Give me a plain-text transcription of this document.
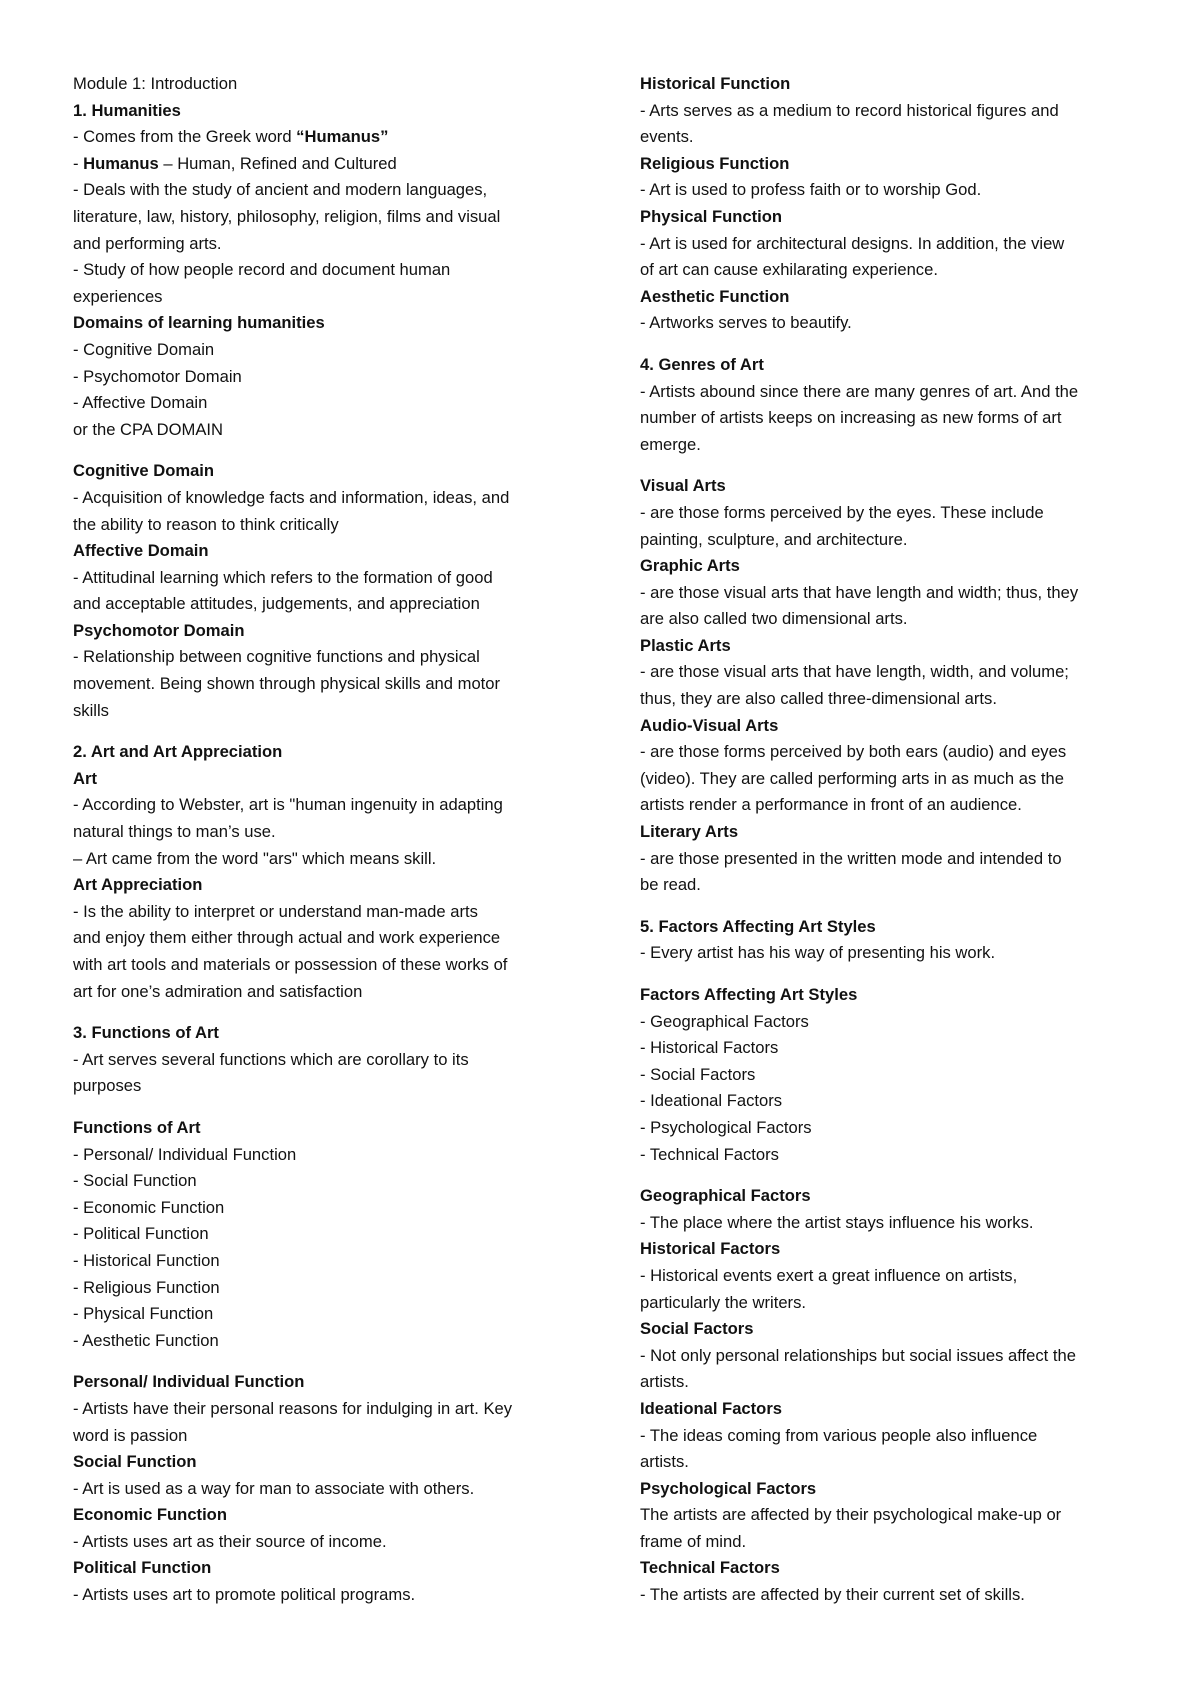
Module 1: Introduction
1. Humanities
- Comes from the Greek word “Humanus”
- Humanus – Human, Refined and Cultured
- Deals with the study of ancient and modern languages,
literature, law, history, philosophy, religion, films and visual
and performing arts.
- Study of how people record and document human
experiences
Domains of learning humanities
- Cognitive Domain
- Psychomotor Domain
- Affective Domain
or the CPA DOMAIN
Cognitive Domain
- Acquisition of knowledge facts and information, ideas, and
the ability to reason to think critically
Affective Domain
- Attitudinal learning which refers to the formation of good
and acceptable attitudes, judgements, and appreciation
Psychomotor Domain
- Relationship between cognitive functions and physical
movement. Being shown through physical skills and motor
skills
2. Art and Art Appreciation
Art
- According to Webster, art is "human ingenuity in adapting
natural things to man’s use.
– Art came from the word "ars" which means skill.
Art Appreciation
- Is the ability to interpret or understand man-made arts
and enjoy them either through actual and work experience
with art tools and materials or possession of these works of
art for one’s admiration and satisfaction
3. Functions of Art
- Art serves several functions which are corollary to its
purposes
Functions of Art
- Personal/ Individual Function
- Social Function
- Economic Function
- Political Function
- Historical Function
- Religious Function
- Physical Function
- Aesthetic Function
Personal/ Individual Function
- Artists have their personal reasons for indulging in art. Key
word is passion
Social Function
- Art is used as a way for man to associate with others.
Economic Function
- Artists uses art as their source of income.
Political Function
- Artists uses art to promote political programs.
Historical Function
- Arts serves as a medium to record historical figures and
events.
Religious Function
- Art is used to profess faith or to worship God.
Physical Function
- Art is used for architectural designs. In addition, the view
of art can cause exhilarating experience.
Aesthetic Function
- Artworks serves to beautify.
4. Genres of Art
- Artists abound since there are many genres of art. And the
number of artists keeps on increasing as new forms of art
emerge.
Visual Arts
- are those forms perceived by the eyes. These include
painting, sculpture, and architecture.
Graphic Arts
- are those visual arts that have length and width; thus, they
are also called two dimensional arts.
Plastic Arts
- are those visual arts that have length, width, and volume;
thus, they are also called three-dimensional arts.
Audio-Visual Arts
- are those forms perceived by both ears (audio) and eyes
(video). They are called performing arts in as much as the
artists render a performance in front of an audience.
Literary Arts
- are those presented in the written mode and intended to
be read.
5. Factors Affecting Art Styles
- Every artist has his way of presenting his work.
Factors Affecting Art Styles
- Geographical Factors
- Historical Factors
- Social Factors
- Ideational Factors
- Psychological Factors
- Technical Factors
Geographical Factors
- The place where the artist stays influence his works.
Historical Factors
- Historical events exert a great influence on artists,
particularly the writers.
Social Factors
- Not only personal relationships but social issues affect the
artists.
Ideational Factors
- The ideas coming from various people also influence
artists.
Psychological Factors
The artists are affected by their psychological make-up or
frame of mind.
Technical Factors
- The artists are affected by their current set of skills.
